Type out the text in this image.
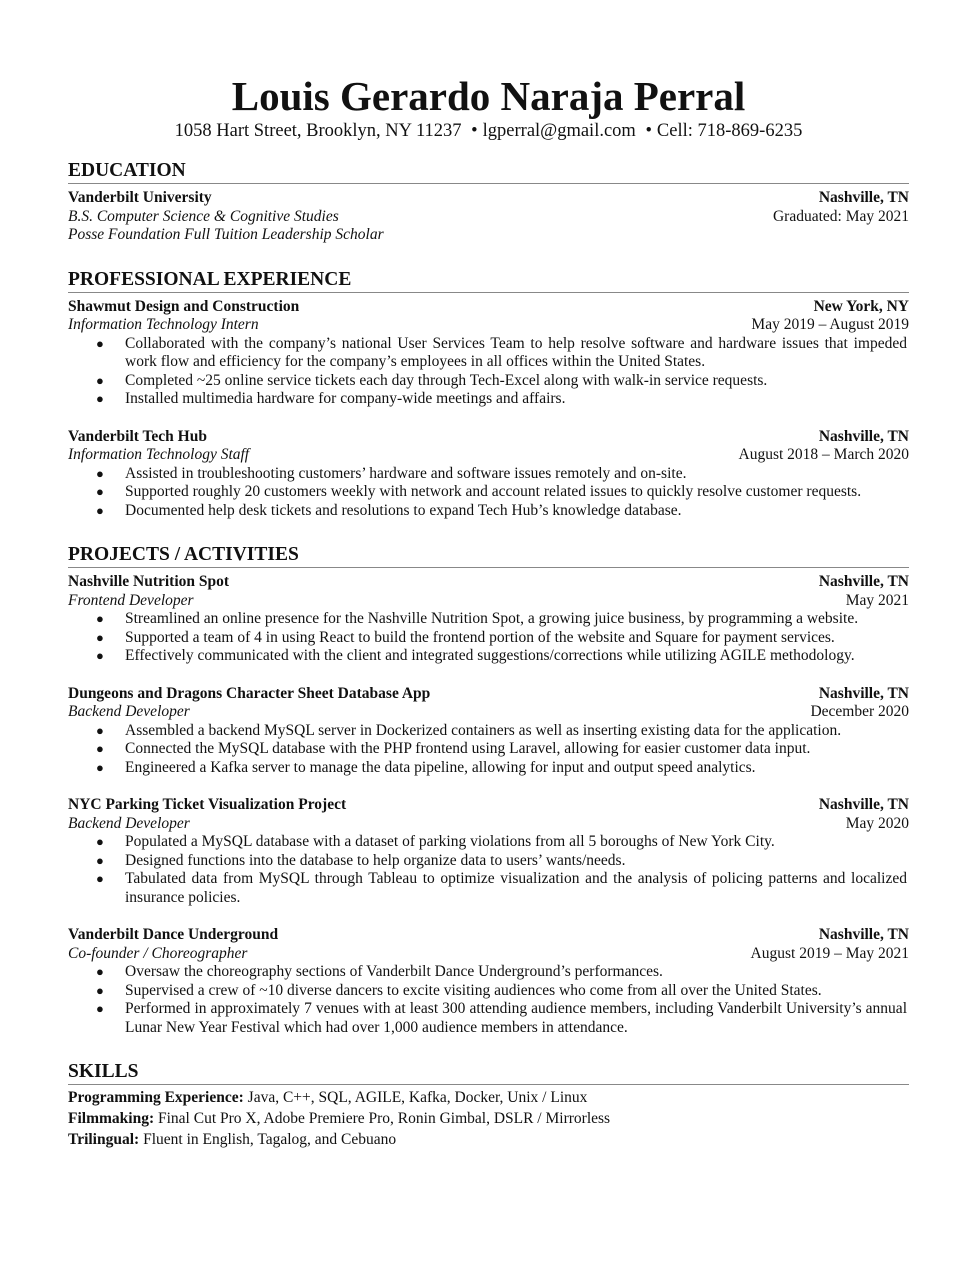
Louis Gerardo Naraja Perral
1058 Hart Street, Brooklyn, NY 11237 • lgperral@gmail.com • Cell: 718-869-6235
EDUCATION
Vanderbilt University	Nashville, TN
B.S. Computer Science & Cognitive Studies	Graduated: May 2021
Posse Foundation Full Tuition Leadership Scholar
PROFESSIONAL EXPERIENCE
Shawmut Design and Construction	New York, NY
Information Technology Intern	May 2019 – August 2019
● Collaborated with the company’s national User Services Team to help resolve software and hardware issues that impeded work flow and efficiency for the company’s employees in all offices within the United States.
● Completed ~25 online service tickets each day through Tech-Excel along with walk-in service requests.
● Installed multimedia hardware for company-wide meetings and affairs.
Vanderbilt Tech Hub	Nashville, TN
Information Technology Staff	August 2018 – March 2020
● Assisted in troubleshooting customers’ hardware and software issues remotely and on-site.
● Supported roughly 20 customers weekly with network and account related issues to quickly resolve customer requests.
● Documented help desk tickets and resolutions to expand Tech Hub’s knowledge database.
PROJECTS / ACTIVITIES
Nashville Nutrition Spot	Nashville, TN
Frontend Developer	May 2021
● Streamlined an online presence for the Nashville Nutrition Spot, a growing juice business, by programming a website.
● Supported a team of 4 in using React to build the frontend portion of the website and Square for payment services.
● Effectively communicated with the client and integrated suggestions/corrections while utilizing AGILE methodology.
Dungeons and Dragons Character Sheet Database App	Nashville, TN
Backend Developer	December 2020
● Assembled a backend MySQL server in Dockerized containers as well as inserting existing data for the application.
● Connected the MySQL database with the PHP frontend using Laravel, allowing for easier customer data input.
● Engineered a Kafka server to manage the data pipeline, allowing for input and output speed analytics.
NYC Parking Ticket Visualization Project	Nashville, TN
Backend Developer	May 2020
● Populated a MySQL database with a dataset of parking violations from all 5 boroughs of New York City.
● Designed functions into the database to help organize data to users’ wants/needs.
● Tabulated data from MySQL through Tableau to optimize visualization and the analysis of policing patterns and localized insurance policies.
Vanderbilt Dance Underground	Nashville, TN
Co-founder / Choreographer	August 2019 – May 2021
● Oversaw the choreography sections of Vanderbilt Dance Underground’s performances.
● Supervised a crew of ~10 diverse dancers to excite visiting audiences who come from all over the United States.
● Performed in approximately 7 venues with at least 300 attending audience members, including Vanderbilt University’s annual Lunar New Year Festival which had over 1,000 audience members in attendance.
SKILLS
Programming Experience: Java, C++, SQL, AGILE, Kafka, Docker, Unix / Linux
Filmmaking: Final Cut Pro X, Adobe Premiere Pro, Ronin Gimbal, DSLR / Mirrorless
Trilingual: Fluent in English, Tagalog, and Cebuano
